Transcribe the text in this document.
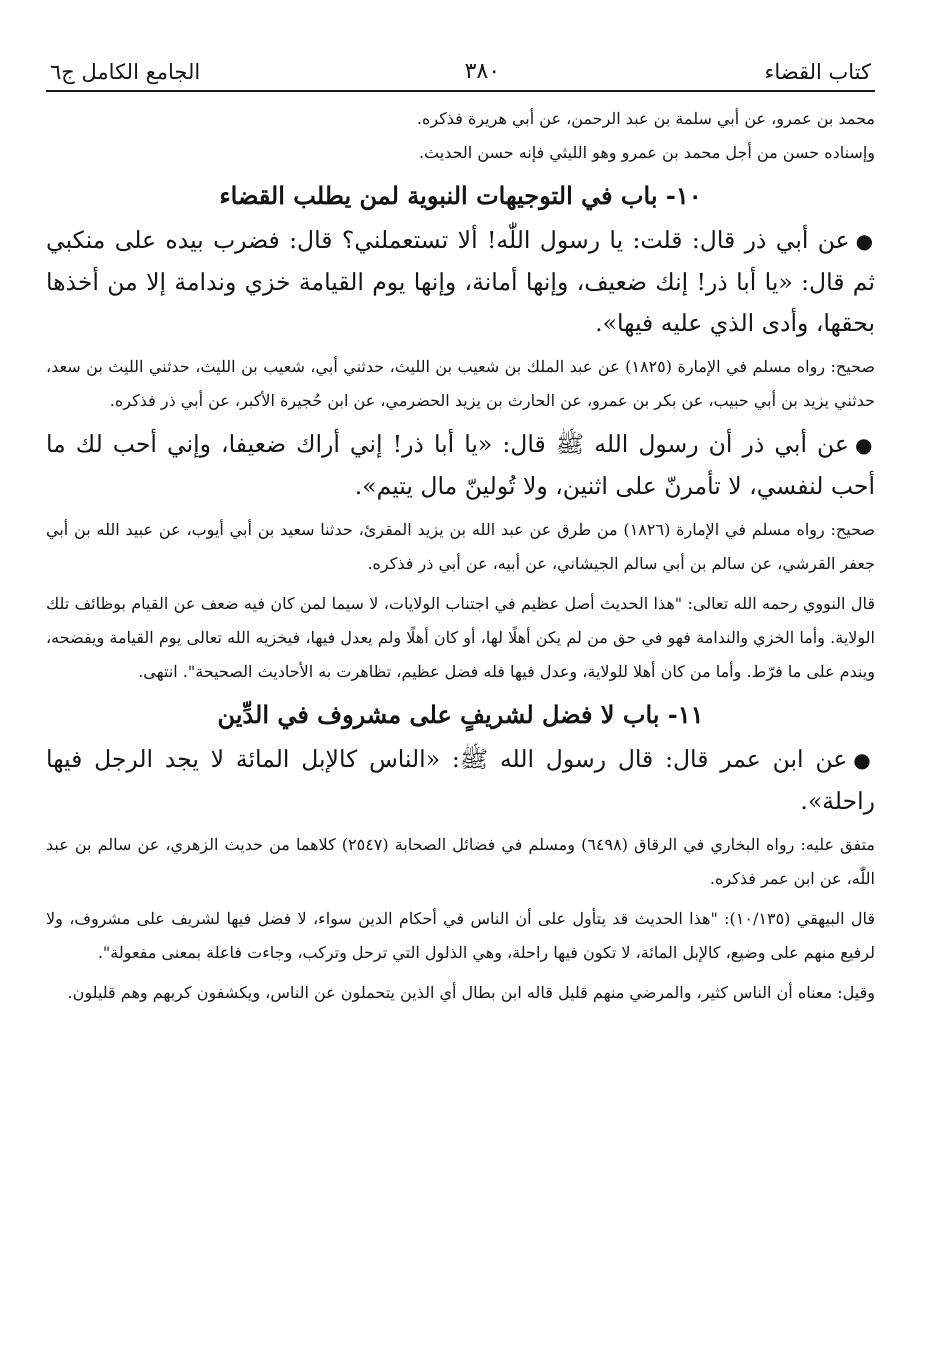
كتاب القضاء
٣٨٠
الجامع الكامل ج٦

محمد بن عمرو، عن أبي سلمة بن عبد الرحمن، عن أبي هريرة فذكره.

وإسناده حسن من أجل محمد بن عمرو وهو الليثي فإنه حسن الحديث.

١٠- باب في التوجيهات النبوية لمن يطلب القضاء

●عن أبي ذر قال: قلت: يا رسول اللّٰه! ألا تستعملني؟ قال: فضرب بيده على منكبي ثم قال: «يا أبا ذر! إنك ضعيف، وإنها أمانة، وإنها يوم القيامة خزي وندامة إلا من أخذها بحقها، وأدى الذي عليه فيها».

صحيح: رواه مسلم في الإمارة (١٨٢٥) عن عبد الملك بن شعيب بن الليث، حدثني أبي، شعيب بن الليث، حدثني الليث بن سعد، حدثني يزيد بن أبي حبيب، عن بكر بن عمرو، عن الحارث بن يزيد الحضرمي، عن ابن حُجيرة الأكبر، عن أبي ذر فذكره.

●عن أبي ذر أن رسول الله ﷺ قال: «يا أبا ذر! إني أراك ضعيفا، وإني أحب لك ما أحب لنفسي، لا تأمرنّ على اثنين، ولا تُولينّ مال يتيم».

صحيح: رواه مسلم في الإمارة (١٨٢٦) من طرق عن عبد الله بن يزيد المقرئ، حدثنا سعيد بن أبي أيوب، عن عبيد الله بن أبي جعفر القرشي، عن سالم بن أبي سالم الجيشاني، عن أبيه، عن أبي ذر فذكره.

قال النووي رحمه الله تعالى: "هذا الحديث أصل عظيم في اجتناب الولايات، لا سيما لمن كان فيه ضعف عن القيام بوظائف تلك الولاية. وأما الخزي والندامة فهو في حق من لم يكن أهلًا لها، أو كان أهلًا ولم يعدل فيها، فيخزيه الله تعالى يوم القيامة ويفضحه، ويندم على ما فرّط. وأما من كان أهلا للولاية، وعدل فيها فله فضل عظيم، تظاهرت به الأحاديث الصحيحة". انتهى.

١١- باب لا فضل لشريفٍ على مشروف في الدِّين

●عن ابن عمر قال: قال رسول الله ﷺ: «الناس كالإبل المائة لا يجد الرجل فيها راحلة».

متفق عليه: رواه البخاري في الرقاق (٦٤٩٨) ومسلم في فضائل الصحابة (٢٥٤٧) كلاهما من حديث الزهري، عن سالم بن عبد اللّٰه، عن ابن عمر فذكره.

قال البيهقي (١٠/١٣٥): "هذا الحديث قد يتأول على أن الناس في أحكام الدين سواء، لا فضل فيها لشريف على مشروف، ولا لرفيع منهم على وضيع، كالإبل المائة، لا تكون فيها راحلة، وهي الذلول التي ترحل وتركب، وجاءت فاعلة بمعنى مفعولة".

وقيل: معناه أن الناس كثير، والمرضي منهم قليل قاله ابن بطال أي الذين يتحملون عن الناس، ويكشفون كربهم وهم قليلون.
